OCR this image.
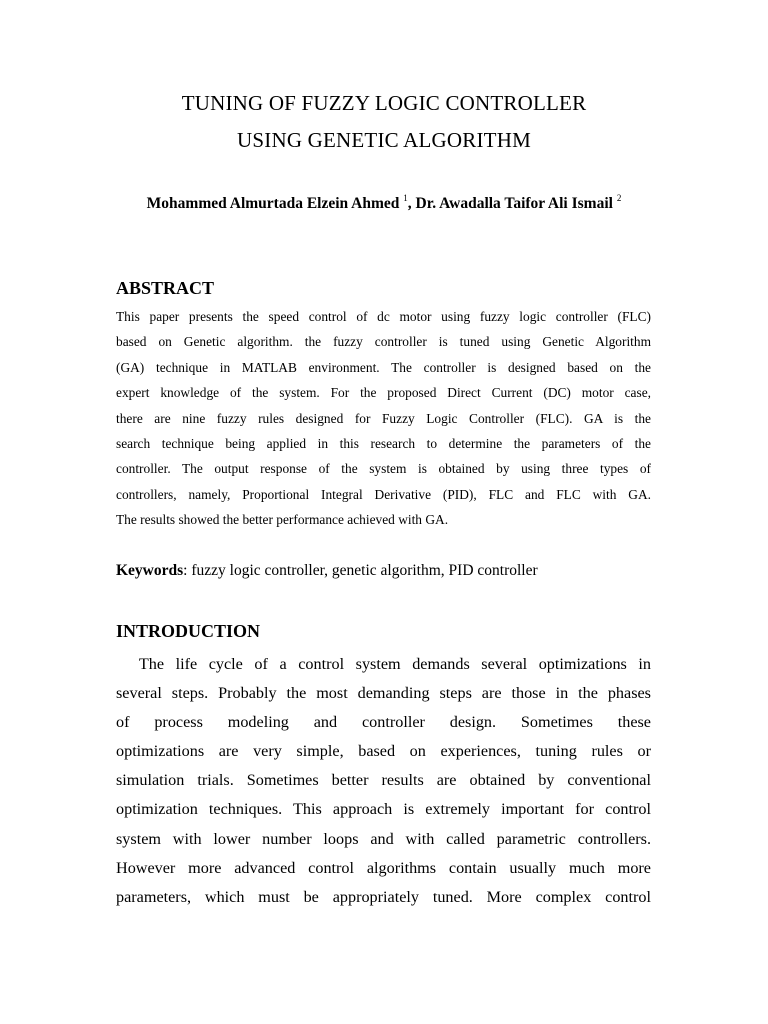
TUNING OF FUZZY LOGIC CONTROLLER
USING GENETIC ALGORITHM

Mohammed Almurtada Elzein Ahmed $^1$, Dr. Awadalla Taifor Ali Ismail $^2$

ABSTRACT

This paper presents the speed control of dc motor using fuzzy logic controller (FLC)
based on Genetic algorithm. the fuzzy controller is tuned using Genetic Algorithm
(GA) technique in MATLAB environment. The controller is designed based on the
expert knowledge of the system. For the proposed Direct Current (DC) motor case,
there are nine fuzzy rules designed for Fuzzy Logic Controller (FLC). GA is the
search technique being applied in this research to determine the parameters of the
controller. The output response of the system is obtained by using three types of
controllers, namely, Proportional Integral Derivative (PID), FLC and FLC with GA.
The results showed the better performance achieved with GA.

Keywords: fuzzy logic controller, genetic algorithm, PID controller

INTRODUCTION

The life cycle of a control system demands several optimizations in
several steps. Probably the most demanding steps are those in the phases
of process modeling and controller design. Sometimes these
optimizations are very simple, based on experiences, tuning rules or
simulation trials. Sometimes better results are obtained by conventional
optimization techniques. This approach is extremely important for control
system with lower number loops and with called parametric controllers.
However more advanced control algorithms contain usually much more
parameters, which must be appropriately tuned. More complex control
